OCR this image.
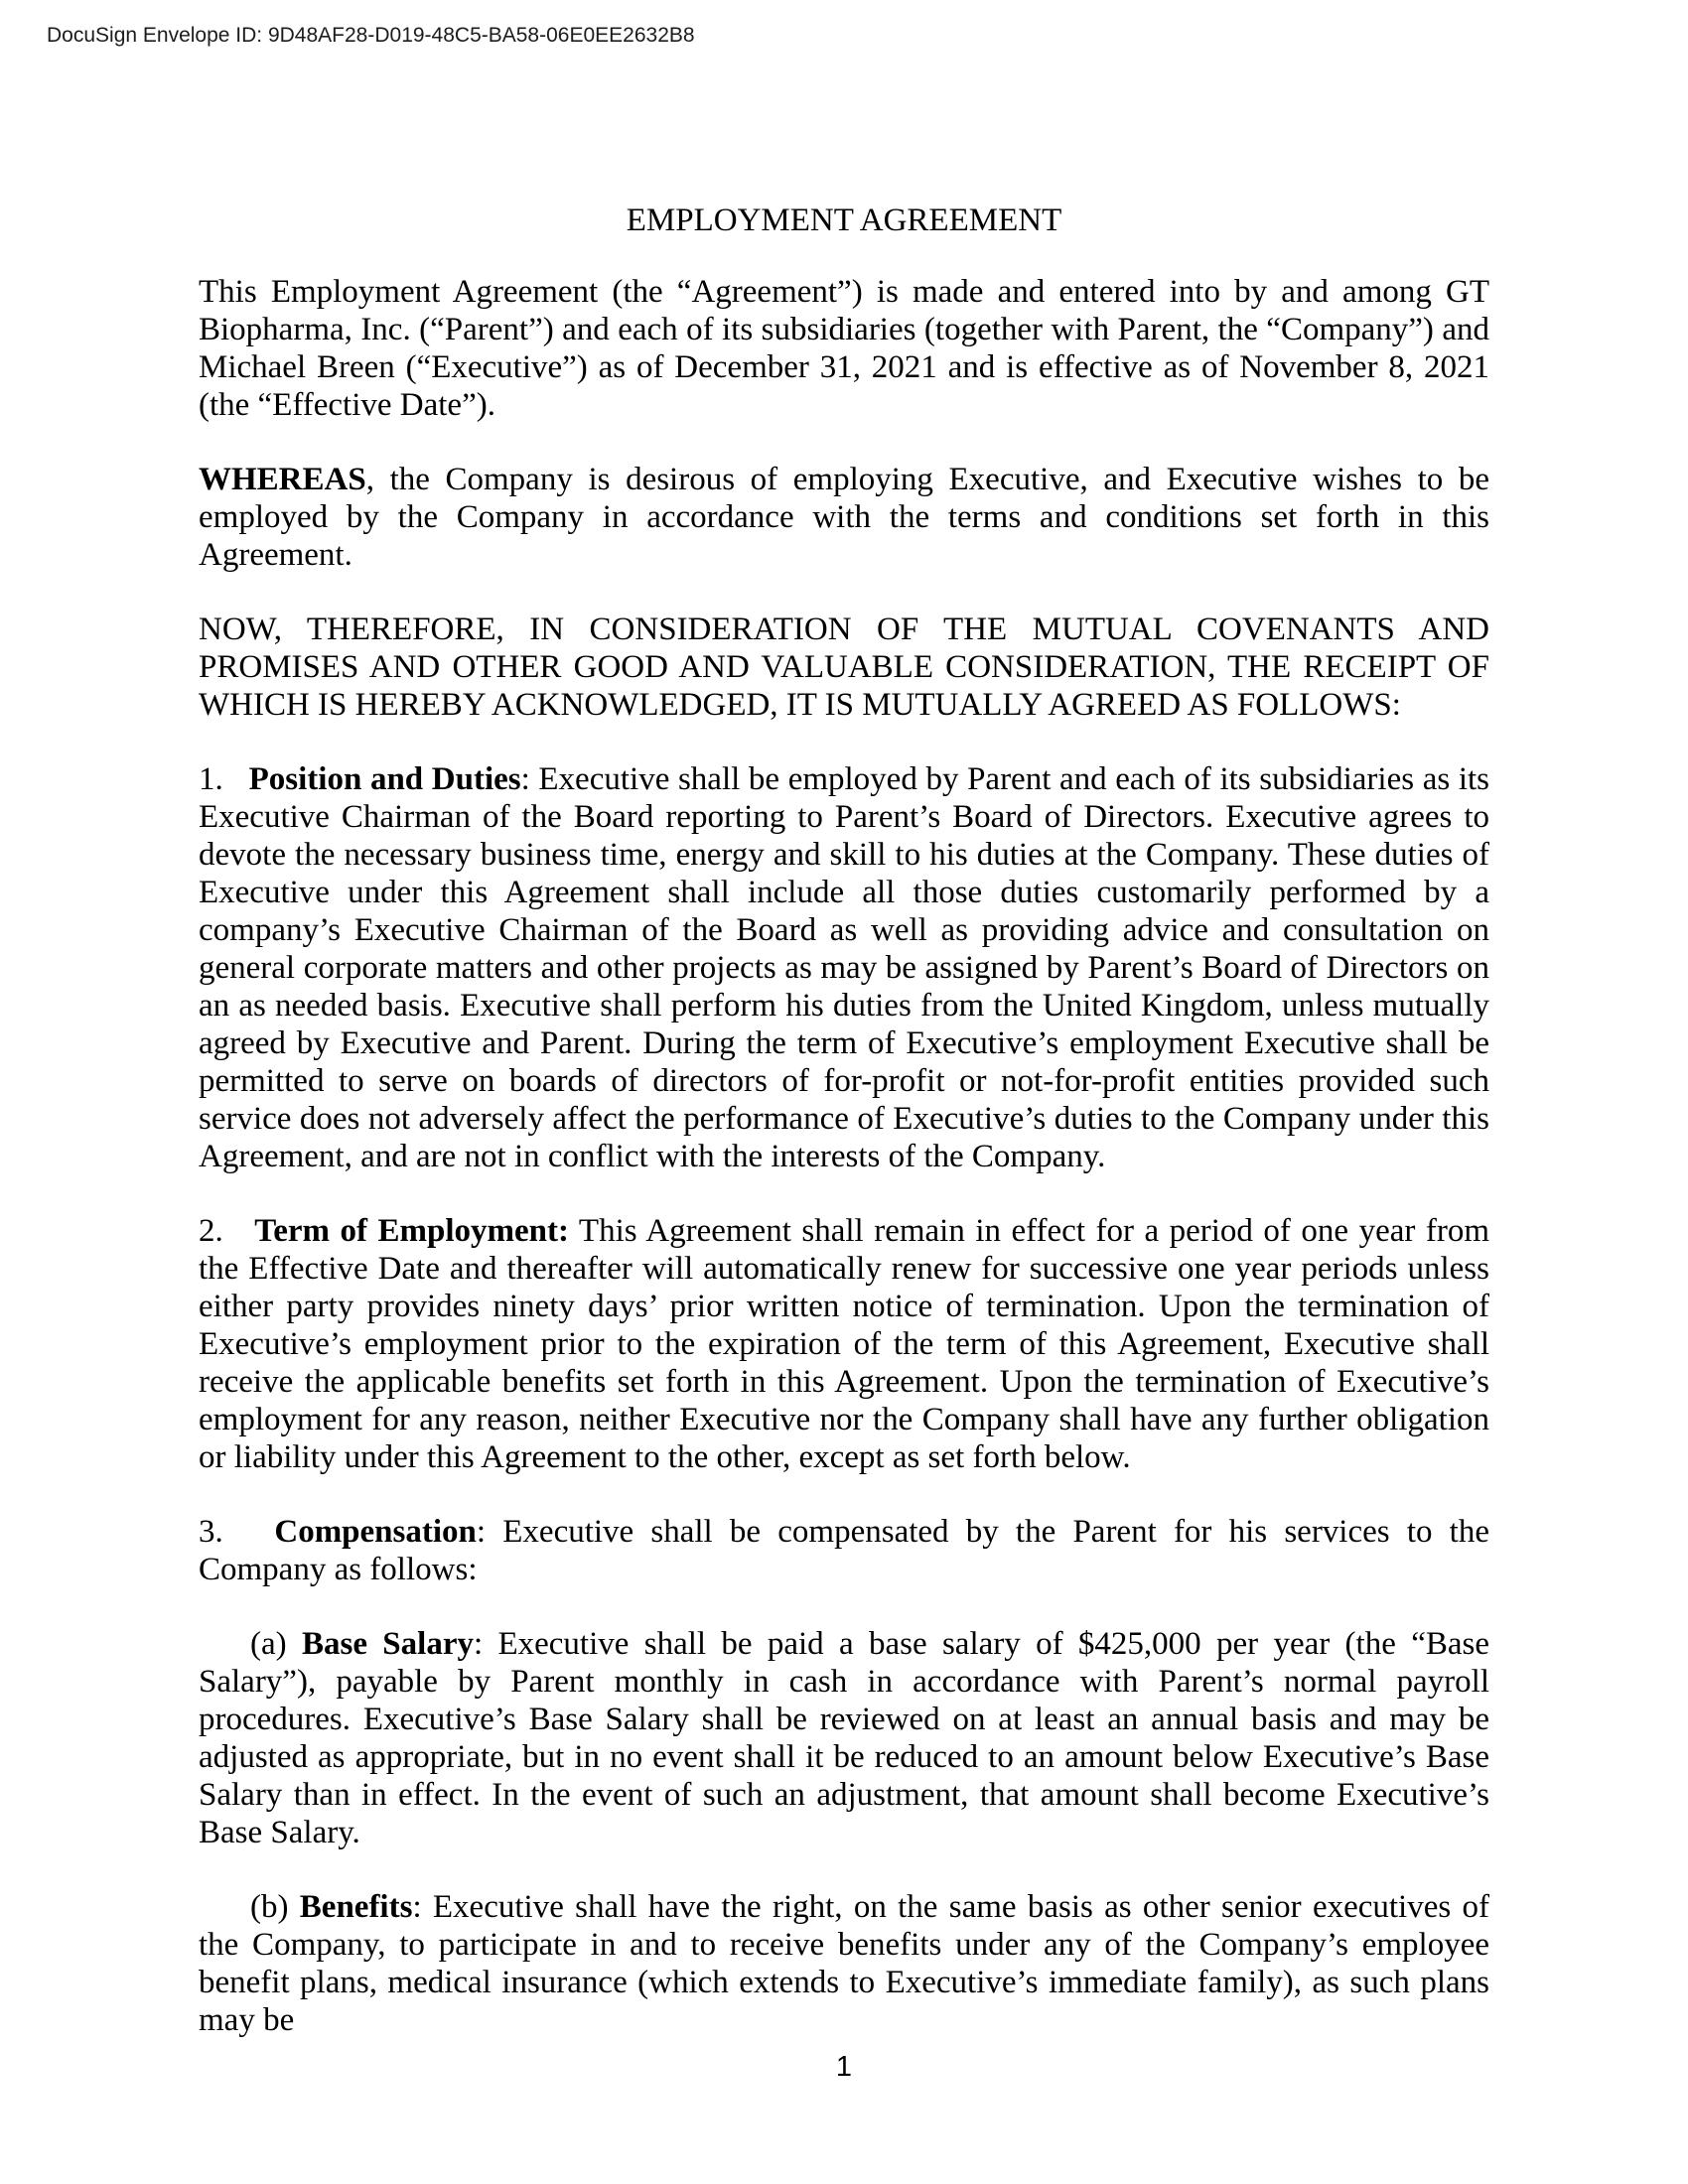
DocuSign Envelope ID: 9D48AF28-D019-48C5-BA58-06E0EE2632B8
EMPLOYMENT AGREEMENT

This Employment Agreement (the “Agreement”) is made and entered into by and among GT Biopharma, Inc. (“Parent”) and each of its subsidiaries (together with Parent, the “Company”) and Michael Breen (“Executive”) as of December 31, 2021 and is effective as of November 8, 2021 (the “Effective Date”).

WHEREAS, the Company is desirous of employing Executive, and Executive wishes to be employed by the Company in accordance with the terms and conditions set forth in this Agreement.

NOW, THEREFORE, IN CONSIDERATION OF THE MUTUAL COVENANTS AND PROMISES AND OTHER GOOD AND VALUABLE CONSIDERATION, THE RECEIPT OF WHICH IS HEREBY ACKNOWLEDGED, IT IS MUTUALLY AGREED AS FOLLOWS:

1.   Position and Duties: Executive shall be employed by Parent and each of its subsidiaries as its Executive Chairman of the Board reporting to Parent’s Board of Directors. Executive agrees to devote the necessary business time, energy and skill to his duties at the Company. These duties of Executive under this Agreement shall include all those duties customarily performed by a company’s Executive Chairman of the Board as well as providing advice and consultation on general corporate matters and other projects as may be assigned by Parent’s Board of Directors on an as needed basis. Executive shall perform his duties from the United Kingdom, unless mutually agreed by Executive and Parent. During the term of Executive’s employment Executive shall be permitted to serve on boards of directors of for-profit or not-for-profit entities provided such service does not adversely affect the performance of Executive’s duties to the Company under this Agreement, and are not in conflict with the interests of the Company.

2.   Term of Employment: This Agreement shall remain in effect for a period of one year from the Effective Date and thereafter will automatically renew for successive one year periods unless either party provides ninety days’ prior written notice of termination. Upon the termination of Executive’s employment prior to the expiration of the term of this Agreement, Executive shall receive the applicable benefits set forth in this Agreement. Upon the termination of Executive’s employment for any reason, neither Executive nor the Company shall have any further obligation or liability under this Agreement to the other, except as set forth below.

3.   Compensation: Executive shall be compensated by the Parent for his services to the Company as follows:

(a) Base Salary: Executive shall be paid a base salary of $425,000 per year (the “Base Salary”), payable by Parent monthly in cash in accordance with Parent’s normal payroll procedures. Executive’s Base Salary shall be reviewed on at least an annual basis and may be adjusted as appropriate, but in no event shall it be reduced to an amount below Executive’s Base Salary than in effect. In the event of such an adjustment, that amount shall become Executive’s Base Salary.

(b) Benefits: Executive shall have the right, on the same basis as other senior executives of the Company, to participate in and to receive benefits under any of the Company’s employee benefit plans, medical insurance (which extends to Executive’s immediate family), as such plans may be

1
